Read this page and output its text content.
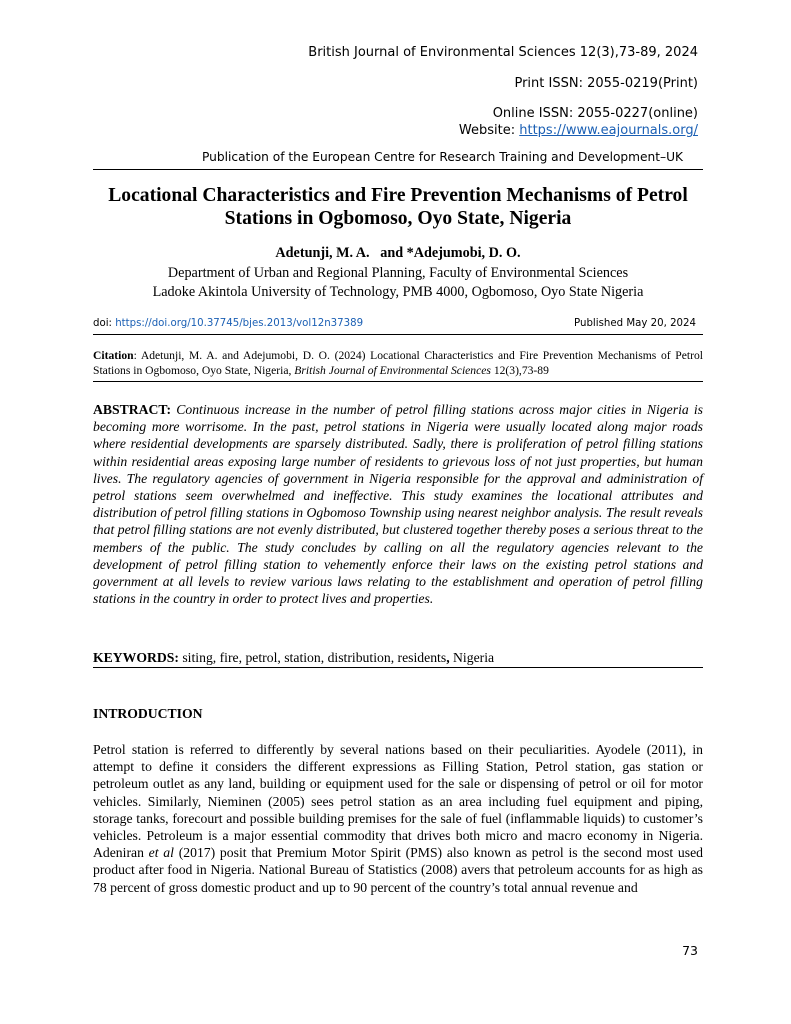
British Journal of Environmental Sciences 12(3),73-89, 2024
Print ISSN: 2055-0219(Print)
Online ISSN: 2055-0227(online)
Website: https://www.eajournals.org/
Publication of the European Centre for Research Training and Development–UK
Locational Characteristics and Fire Prevention Mechanisms of Petrol Stations in Ogbomoso, Oyo State, Nigeria
Adetunji, M. A.   and *Adejumobi, D. O.
Department of Urban and Regional Planning, Faculty of Environmental Sciences
Ladoke Akintola University of Technology, PMB 4000, Ogbomoso, Oyo State Nigeria
doi: https://doi.org/10.37745/bjes.2013/vol12n37389	Published May 20, 2024
Citation: Adetunji, M. A. and Adejumobi, D. O. (2024) Locational Characteristics and Fire Prevention Mechanisms of Petrol Stations in Ogbomoso, Oyo State, Nigeria, British Journal of Environmental Sciences 12(3),73-89
ABSTRACT: Continuous increase in the number of petrol filling stations across major cities in Nigeria is becoming more worrisome. In the past, petrol stations in Nigeria were usually located along major roads where residential developments are sparsely distributed. Sadly, there is proliferation of petrol filling stations within residential areas exposing large number of residents to grievous loss of not just properties, but human lives. The regulatory agencies of government in Nigeria responsible for the approval and administration of petrol stations seem overwhelmed and ineffective. This study examines the locational attributes and distribution of petrol filling stations in Ogbomoso Township using nearest neighbor analysis. The result reveals that petrol filling stations are not evenly distributed, but clustered together thereby poses a serious threat to the members of the public. The study concludes by calling on all the regulatory agencies relevant to the development of petrol filling station to vehemently enforce their laws on the existing petrol stations and government at all levels to review various laws relating to the establishment and operation of petrol filling stations in the country in order to protect lives and properties.
KEYWORDS: siting, fire, petrol, station, distribution, residents, Nigeria
INTRODUCTION
Petrol station is referred to differently by several nations based on their peculiarities. Ayodele (2011), in attempt to define it considers the different expressions as Filling Station, Petrol station, gas station or petroleum outlet as any land, building or equipment used for the sale or dispensing of petrol or oil for motor vehicles. Similarly, Nieminen (2005) sees petrol station as an area including fuel equipment and piping, storage tanks, forecourt and possible building premises for the sale of fuel (inflammable liquids) to customer’s vehicles. Petroleum is a major essential commodity that drives both micro and macro economy in Nigeria. Adeniran et al (2017) posit that Premium Motor Spirit (PMS) also known as petrol is the second most used product after food in Nigeria. National Bureau of Statistics (2008) avers that petroleum accounts for as high as 78 percent of gross domestic product and up to 90 percent of the country’s total annual revenue and
73
